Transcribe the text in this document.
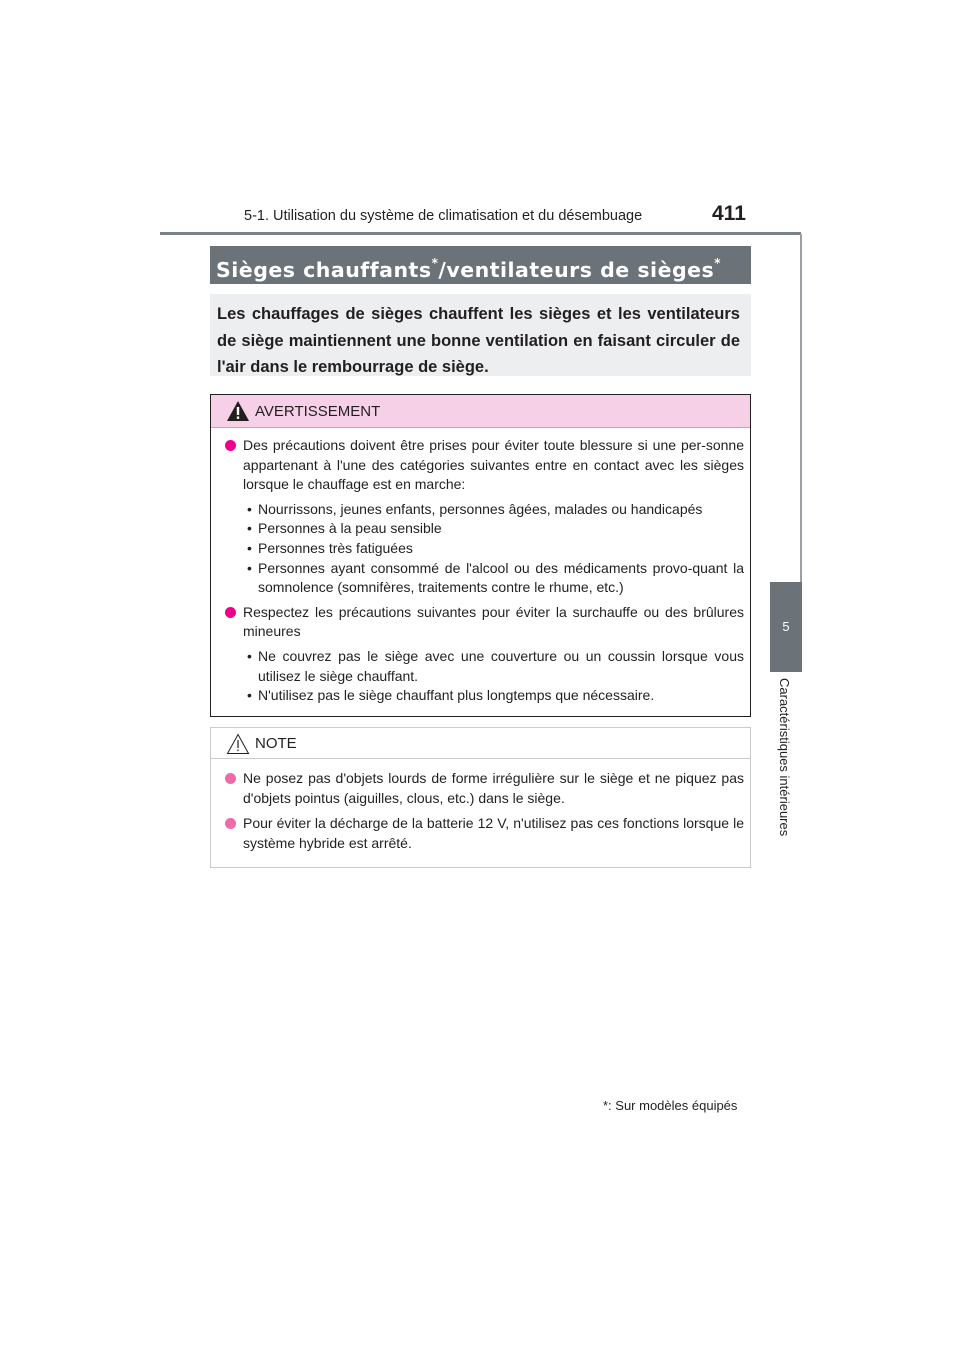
5-1. Utilisation du système de climatisation et du désembuage	411
5
Caractéristiques intérieures
Sièges chauffants*/ventilateurs de sièges*
Les chauffages de sièges chauffent les sièges et les ventilateurs de siège maintiennent une bonne ventilation en faisant circuler de l'air dans le rembourrage de siège.
AVERTISSEMENT
Des précautions doivent être prises pour éviter toute blessure si une per-sonne appartenant à l'une des catégories suivantes entre en contact avec les sièges lorsque le chauffage est en marche:
• Nourrissons, jeunes enfants, personnes âgées, malades ou handicapés
• Personnes à la peau sensible
• Personnes très fatiguées
• Personnes ayant consommé de l'alcool ou des médicaments provo-quant la somnolence (somnifères, traitements contre le rhume, etc.)
Respectez les précautions suivantes pour éviter la surchauffe ou des brûlures mineures
• Ne couvrez pas le siège avec une couverture ou un coussin lorsque vous utilisez le siège chauffant.
• N'utilisez pas le siège chauffant plus longtemps que nécessaire.
NOTE
Ne posez pas d'objets lourds de forme irrégulière sur le siège et ne piquez pas d'objets pointus (aiguilles, clous, etc.) dans le siège.
Pour éviter la décharge de la batterie 12 V, n'utilisez pas ces fonctions lorsque le système hybride est arrêté.
*: Sur modèles équipés
